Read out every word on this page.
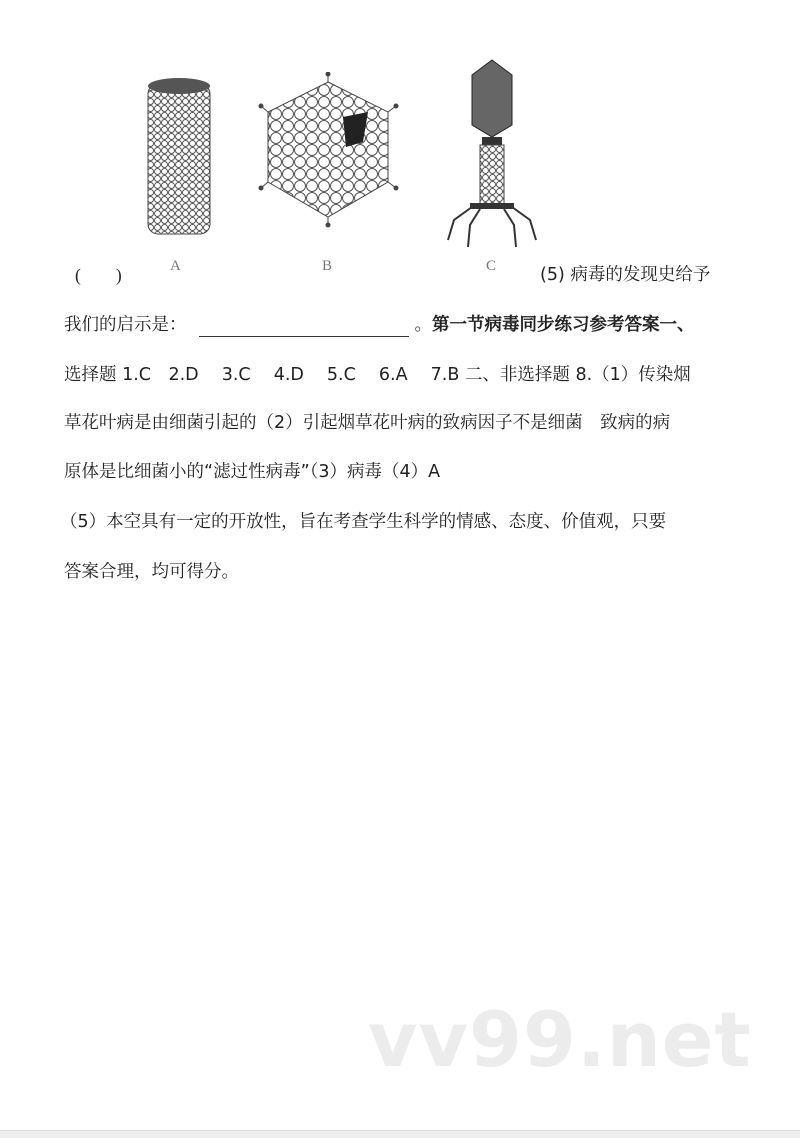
A	B	C
(　　)	(5) 病毒的发现史给予
我们的启示是：	。第一节病毒同步练习参考答案一、
选择题 1.C　2.D　 3.C　 4.D　 5.C　 6.A　 7.B 二、非选择题 8.（1）传染烟
草花叶病是由细菌引起的（2）引起烟草花叶病的致病因子不是细菌　致病的病
原体是比细菌小的“滤过性病毒”（3）病毒（4）A
（5）本空具有一定的开放性，旨在考查学生科学的情感、态度、价值观，只要
答案合理，均可得分。
vv99.net
